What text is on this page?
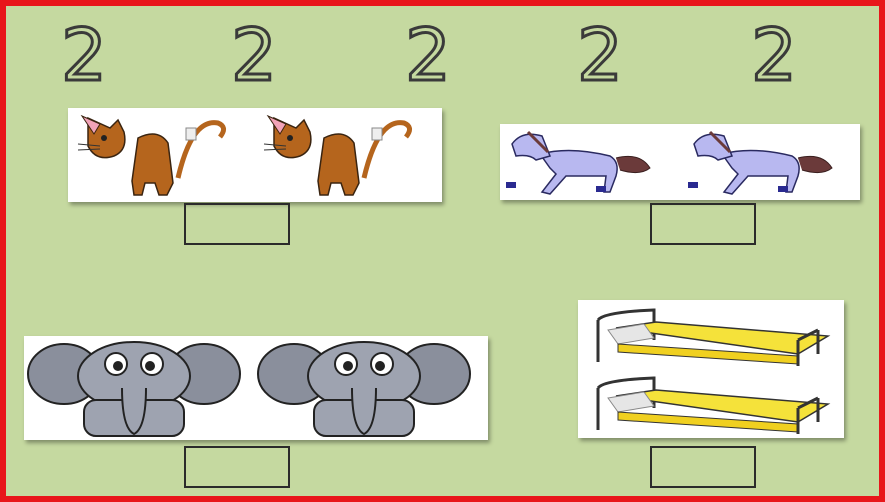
2 2 2 2 2
